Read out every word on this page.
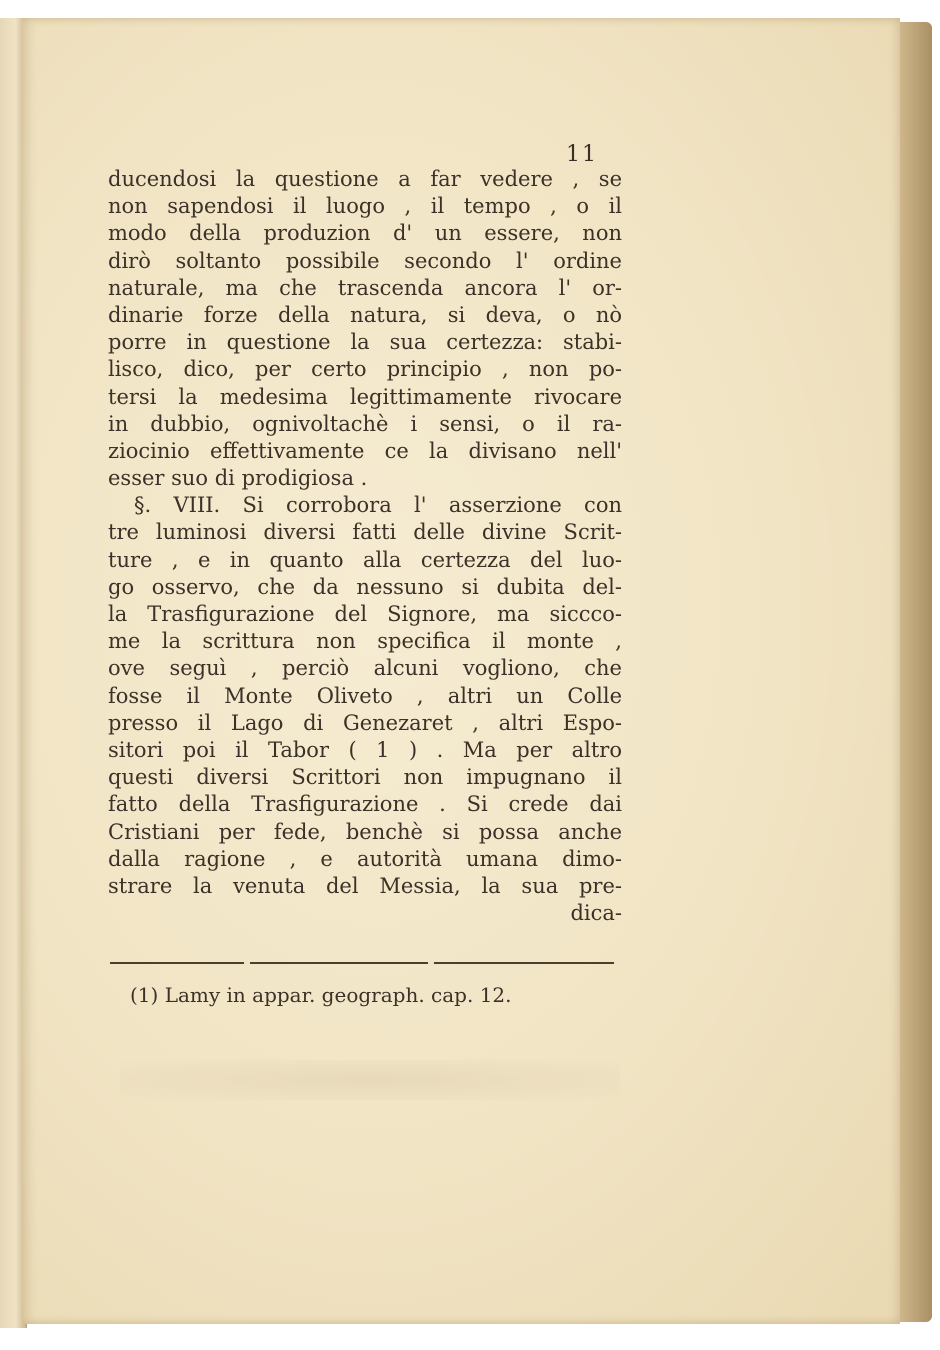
11
ducendosi la questione a far vedere , se
non sapendosi il luogo , il tempo , o il
modo della produzion d' un essere, non
dirò soltanto possibile secondo l' ordine
naturale, ma che trascenda ancora l' or-
dinarie forze della natura, si deva, o nò
porre in questione la sua certezza: stabi-
lisco, dico, per certo principio , non po-
tersi la medesima legittimamente rivocare
in dubbio, ognivoltachè i sensi, o il ra-
ziocinio effettivamente ce la divisano nell'
esser suo di prodigiosa .
§. VIII. Si corrobora l' asserzione con
tre luminosi diversi fatti delle divine Scrit-
ture , e in quanto alla certezza del luo-
go osservo, che da nessuno si dubita del-
la Trasfigurazione del Signore, ma siccco-
me la scrittura non specifica il monte ,
ove seguì , perciò alcuni vogliono, che
fosse il Monte Oliveto , altri un Colle
presso il Lago di Genezaret , altri Espo-
sitori poi il Tabor ( 1 ) . Ma per altro
questi diversi Scrittori non impugnano il
fatto della Trasfigurazione . Si crede dai
Cristiani per fede, benchè si possa anche
dalla ragione , e autorità umana dimo-
strare la venuta del Messia, la sua pre-
dica-
(1) Lamy in appar. geograph. cap. 12.
